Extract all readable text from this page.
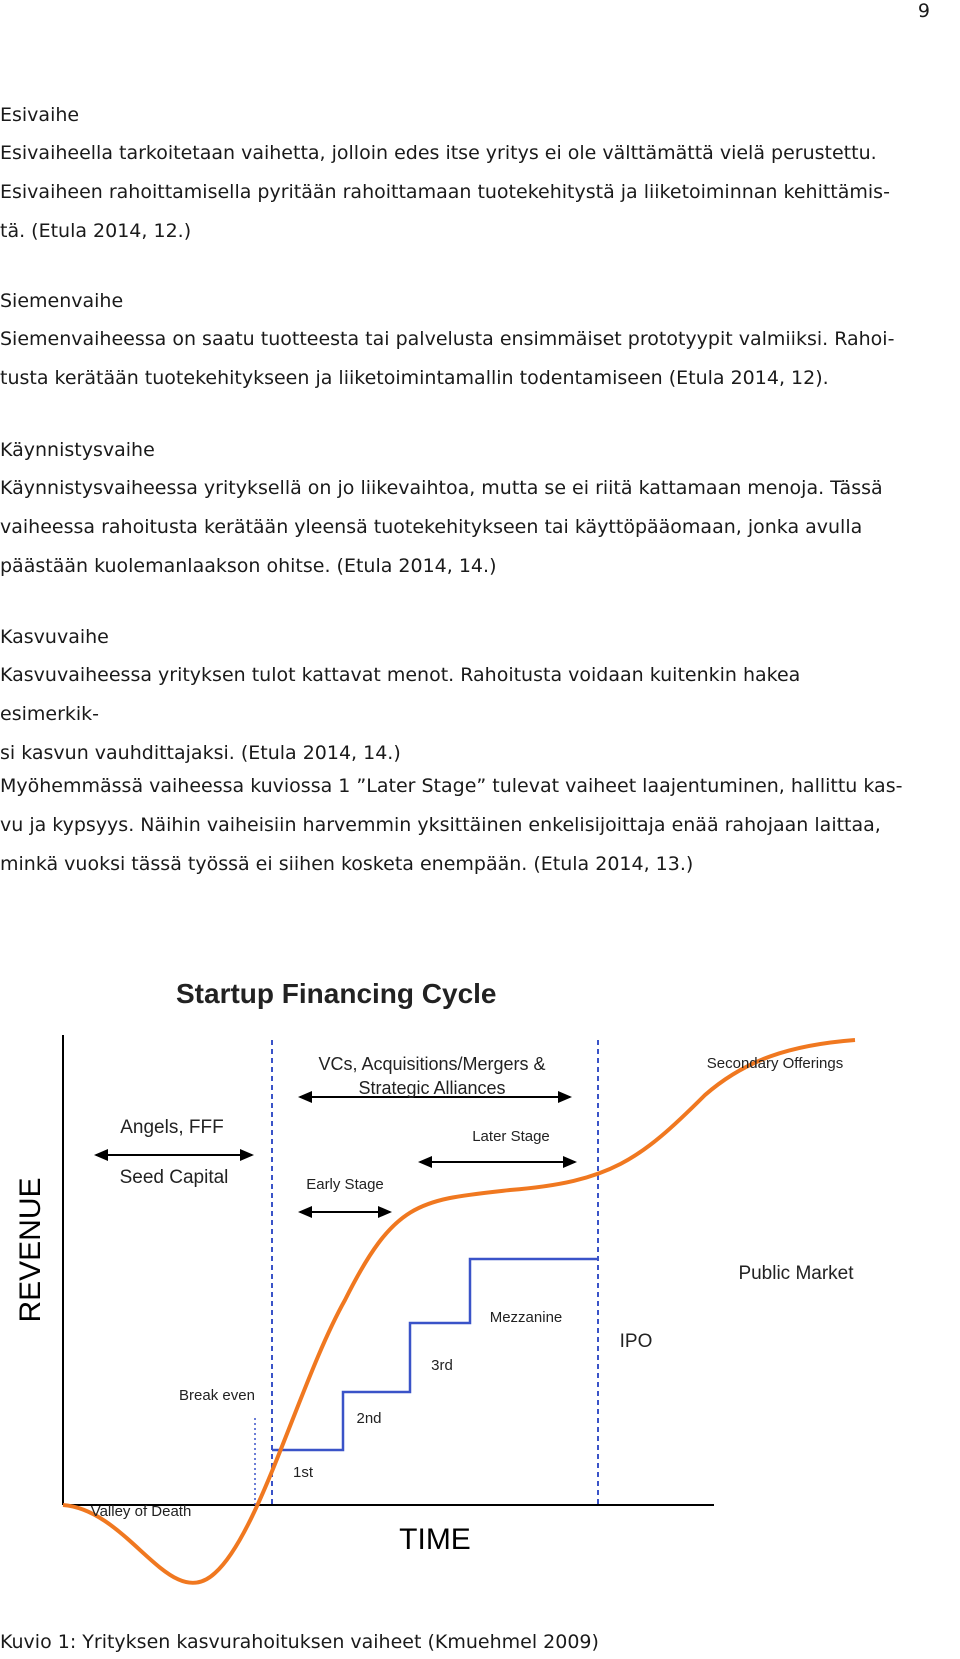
9
Esivaihe
Esivaiheella tarkoitetaan vaihetta, jolloin edes itse yritys ei ole välttämättä vielä perustettu.
Esivaiheen rahoittamisella pyritään rahoittamaan tuotekehitystä ja liiketoiminnan kehittämis-
tä. (Etula 2014, 12.)
Siemenvaihe
Siemenvaiheessa on saatu tuotteesta tai palvelusta ensimmäiset prototyypit valmiiksi. Rahoi-
tusta kerätään tuotekehitykseen ja liiketoimintamallin todentamiseen (Etula 2014, 12).
Käynnistysvaihe
Käynnistysvaiheessa yrityksellä on jo liikevaihtoa, mutta se ei riitä kattamaan menoja. Tässä
vaiheessa rahoitusta kerätään yleensä tuotekehitykseen tai käyttöpääomaan, jonka avulla
päästään kuolemanlaakson ohitse. (Etula 2014, 14.)
Kasvuvaihe
Kasvuvaiheessa yrityksen tulot kattavat menot. Rahoitusta voidaan kuitenkin hakea esimerkik-
si kasvun vauhdittajaksi. (Etula 2014, 14.)
Myöhemmässä vaiheessa kuviossa 1 ”Later Stage” tulevat vaiheet laajentuminen, hallittu kas-
vu ja kypsyys. Näihin vaiheisiin harvemmin yksittäinen enkelisijoittaja enää rahojaan laittaa,
minkä vuoksi tässä työssä ei siihen kosketa enempään. (Etula 2014, 13.)
Startup Financing Cycle
TIME
REVENUE
VCs, Acquisitions/Mergers &
Strategic Alliances
Secondary Offerings
Angels, FFF
Seed Capital
Later Stage
Early Stage
Public Market
Mezzanine
IPO
3rd
2nd
1st
Break even
Valley of Death
Kuvio 1: Yrityksen kasvurahoituksen vaiheet (Kmuehmel 2009)
